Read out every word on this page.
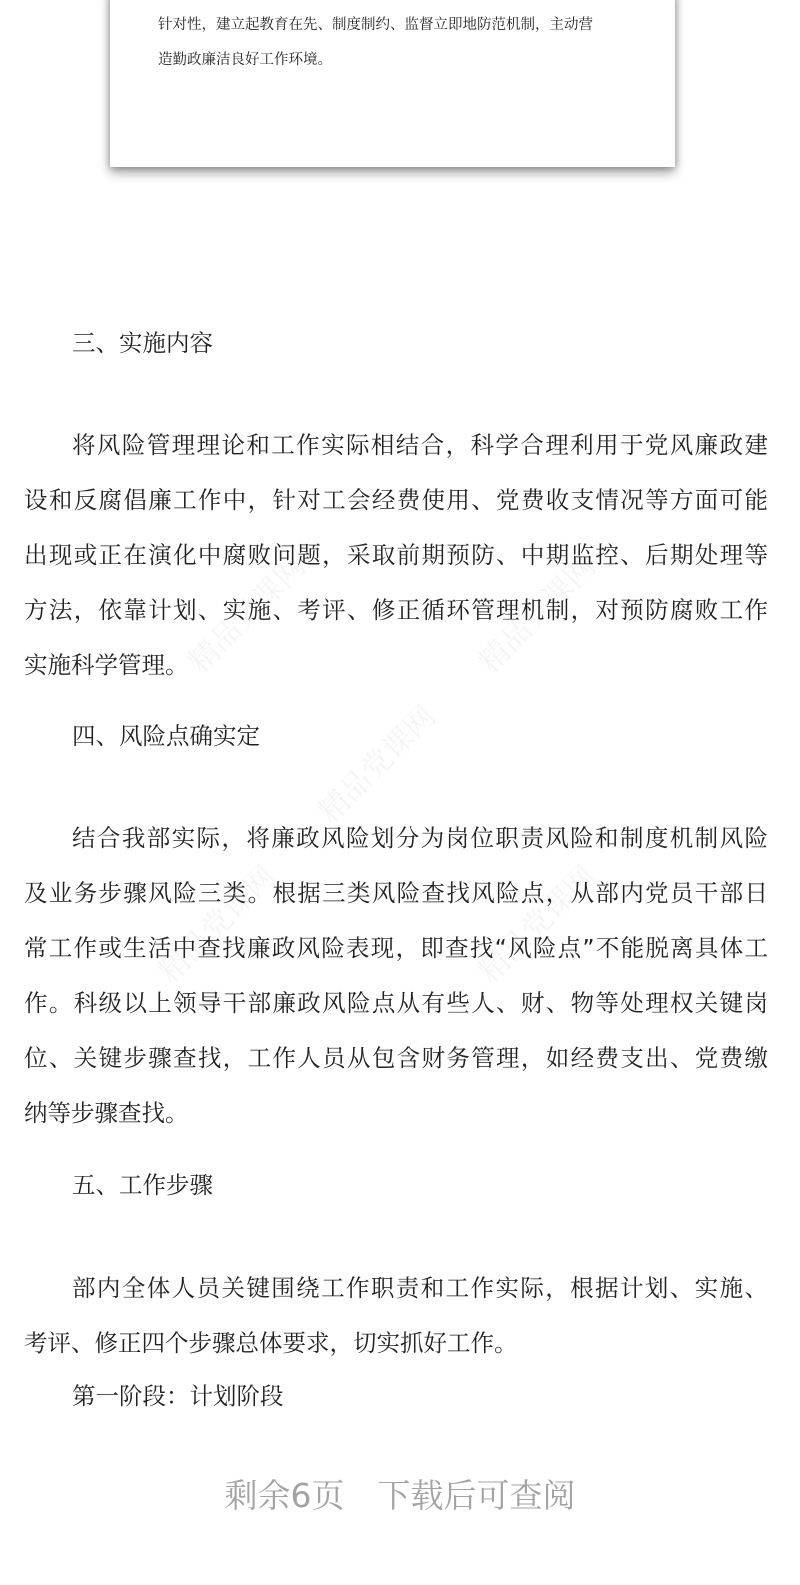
针对性，建立起教育在先、制度制约、监督立即地防范机制，主动营
造勤政廉洁良好工作环境。
三、实施内容
将风险管理理论和工作实际相结合，科学合理利用于党风廉政建
设和反腐倡廉工作中，针对工会经费使用、党费收支情况等方面可能
出现或正在演化中腐败问题，采取前期预防、中期监控、后期处理等
方法，依靠计划、实施、考评、修正循环管理机制，对预防腐败工作
实施科学管理。
四、风险点确实定
结合我部实际，将廉政风险划分为岗位职责风险和制度机制风险
及业务步骤风险三类。根据三类风险查找风险点，从部内党员干部日
常工作或生活中查找廉政风险表现，即查找“风险点”不能脱离具体工
作。科级以上领导干部廉政风险点从有些人、财、物等处理权关键岗
位、关键步骤查找，工作人员从包含财务管理，如经费支出、党费缴
纳等步骤查找。
五、工作步骤
部内全体人员关键围绕工作职责和工作实际，根据计划、实施、
考评、修正四个步骤总体要求，切实抓好工作。
第一阶段：计划阶段
剩余6页　下载后可查阅
